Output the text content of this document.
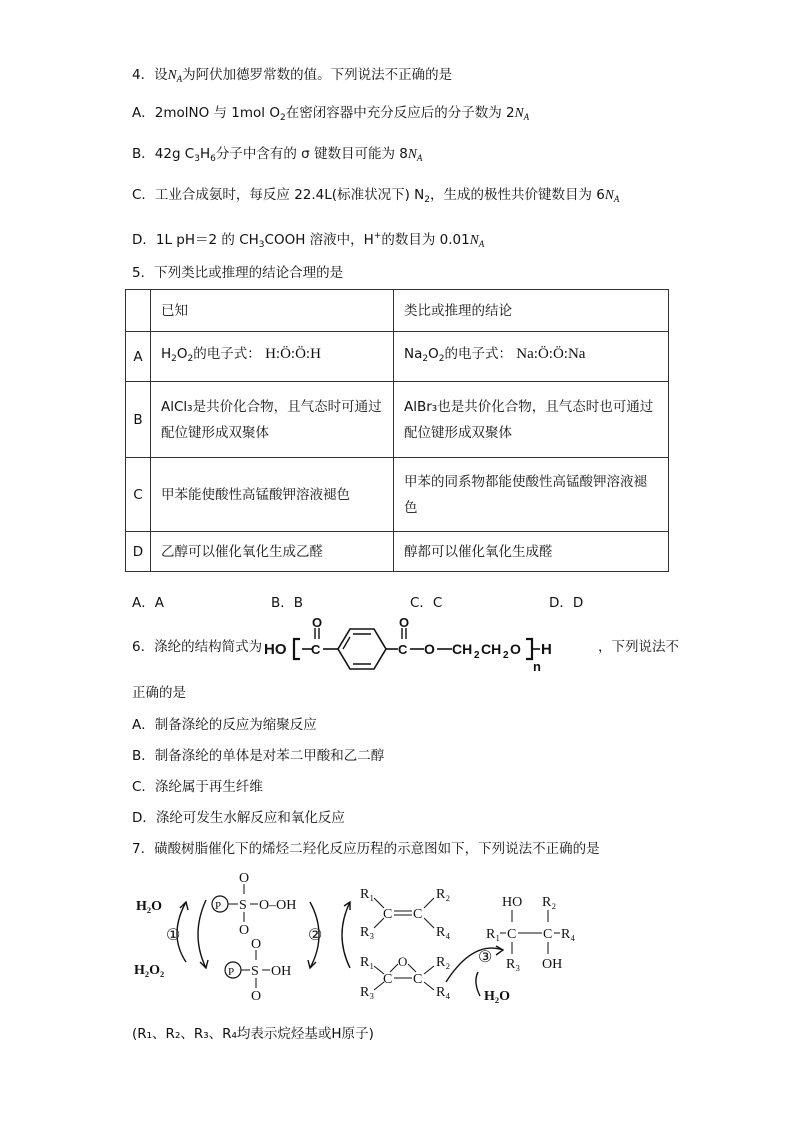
4．设$N_A$为阿伏加德罗常数的值。下列说法不正确的是
A．2molNO 与 1mol $O_2$在密闭容器中充分反应后的分子数为 $2N_A$
B．42g $C_3H_6$分子中含有的 σ 键数目可能为 $8N_A$
C．工业合成氨时，每反应 22.4L(标准状况下) $N_2$，生成的极性共价键数目为 $6N_A$
D．1L pH＝2 的 $CH_3COOH$ 溶液中，H+的数目为 $0.01N_A$
5．下列类比或推理的结论合理的是
	已知	类比或推理的结论
A	$H_2O_2$的电子式： H:Ö:Ö:H	$Na_2O_2$的电子式： Na:Ö:Ö:Na
B	AlCl₃是共价化合物，且气态时可通过配位键形成双聚体	AlBr₃也是共价化合物，且气态时也可通过配位键形成双聚体
C	甲苯能使酸性高锰酸钾溶液褪色	甲苯的同系物都能使酸性高锰酸钾溶液褪色
D	乙醇可以催化氧化生成乙醛	醇都可以催化氧化生成醛
A．A	B．B	C．C	D．D
6．涤纶的结构简式为 HO C
O
C
O
O CH 2 CH 2 O H
n
，下列说法不
正确的是
A．制备涤纶的反应为缩聚反应
B．制备涤纶的单体是对苯二甲酸和乙二醇
C．涤纶属于再生纤维
D．涤纶可发生水解反应和氧化反应
7．磺酸树脂催化下的烯烃二羟化反应历程的示意图如下，下列说法不正确的是
H₂O
H₂O₂
①
P S
O
O
O–OH
P S
O
O
OH
②
R₁
R₃
C C
R₂
R₄
R₁
R₃
C
O
C
R₂
R₄
③
H₂O
HO R₂
R₁ C C R₄
R₃ OH
(R₁、R₂、R₃、R₄均表示烷烃基或H原子)
